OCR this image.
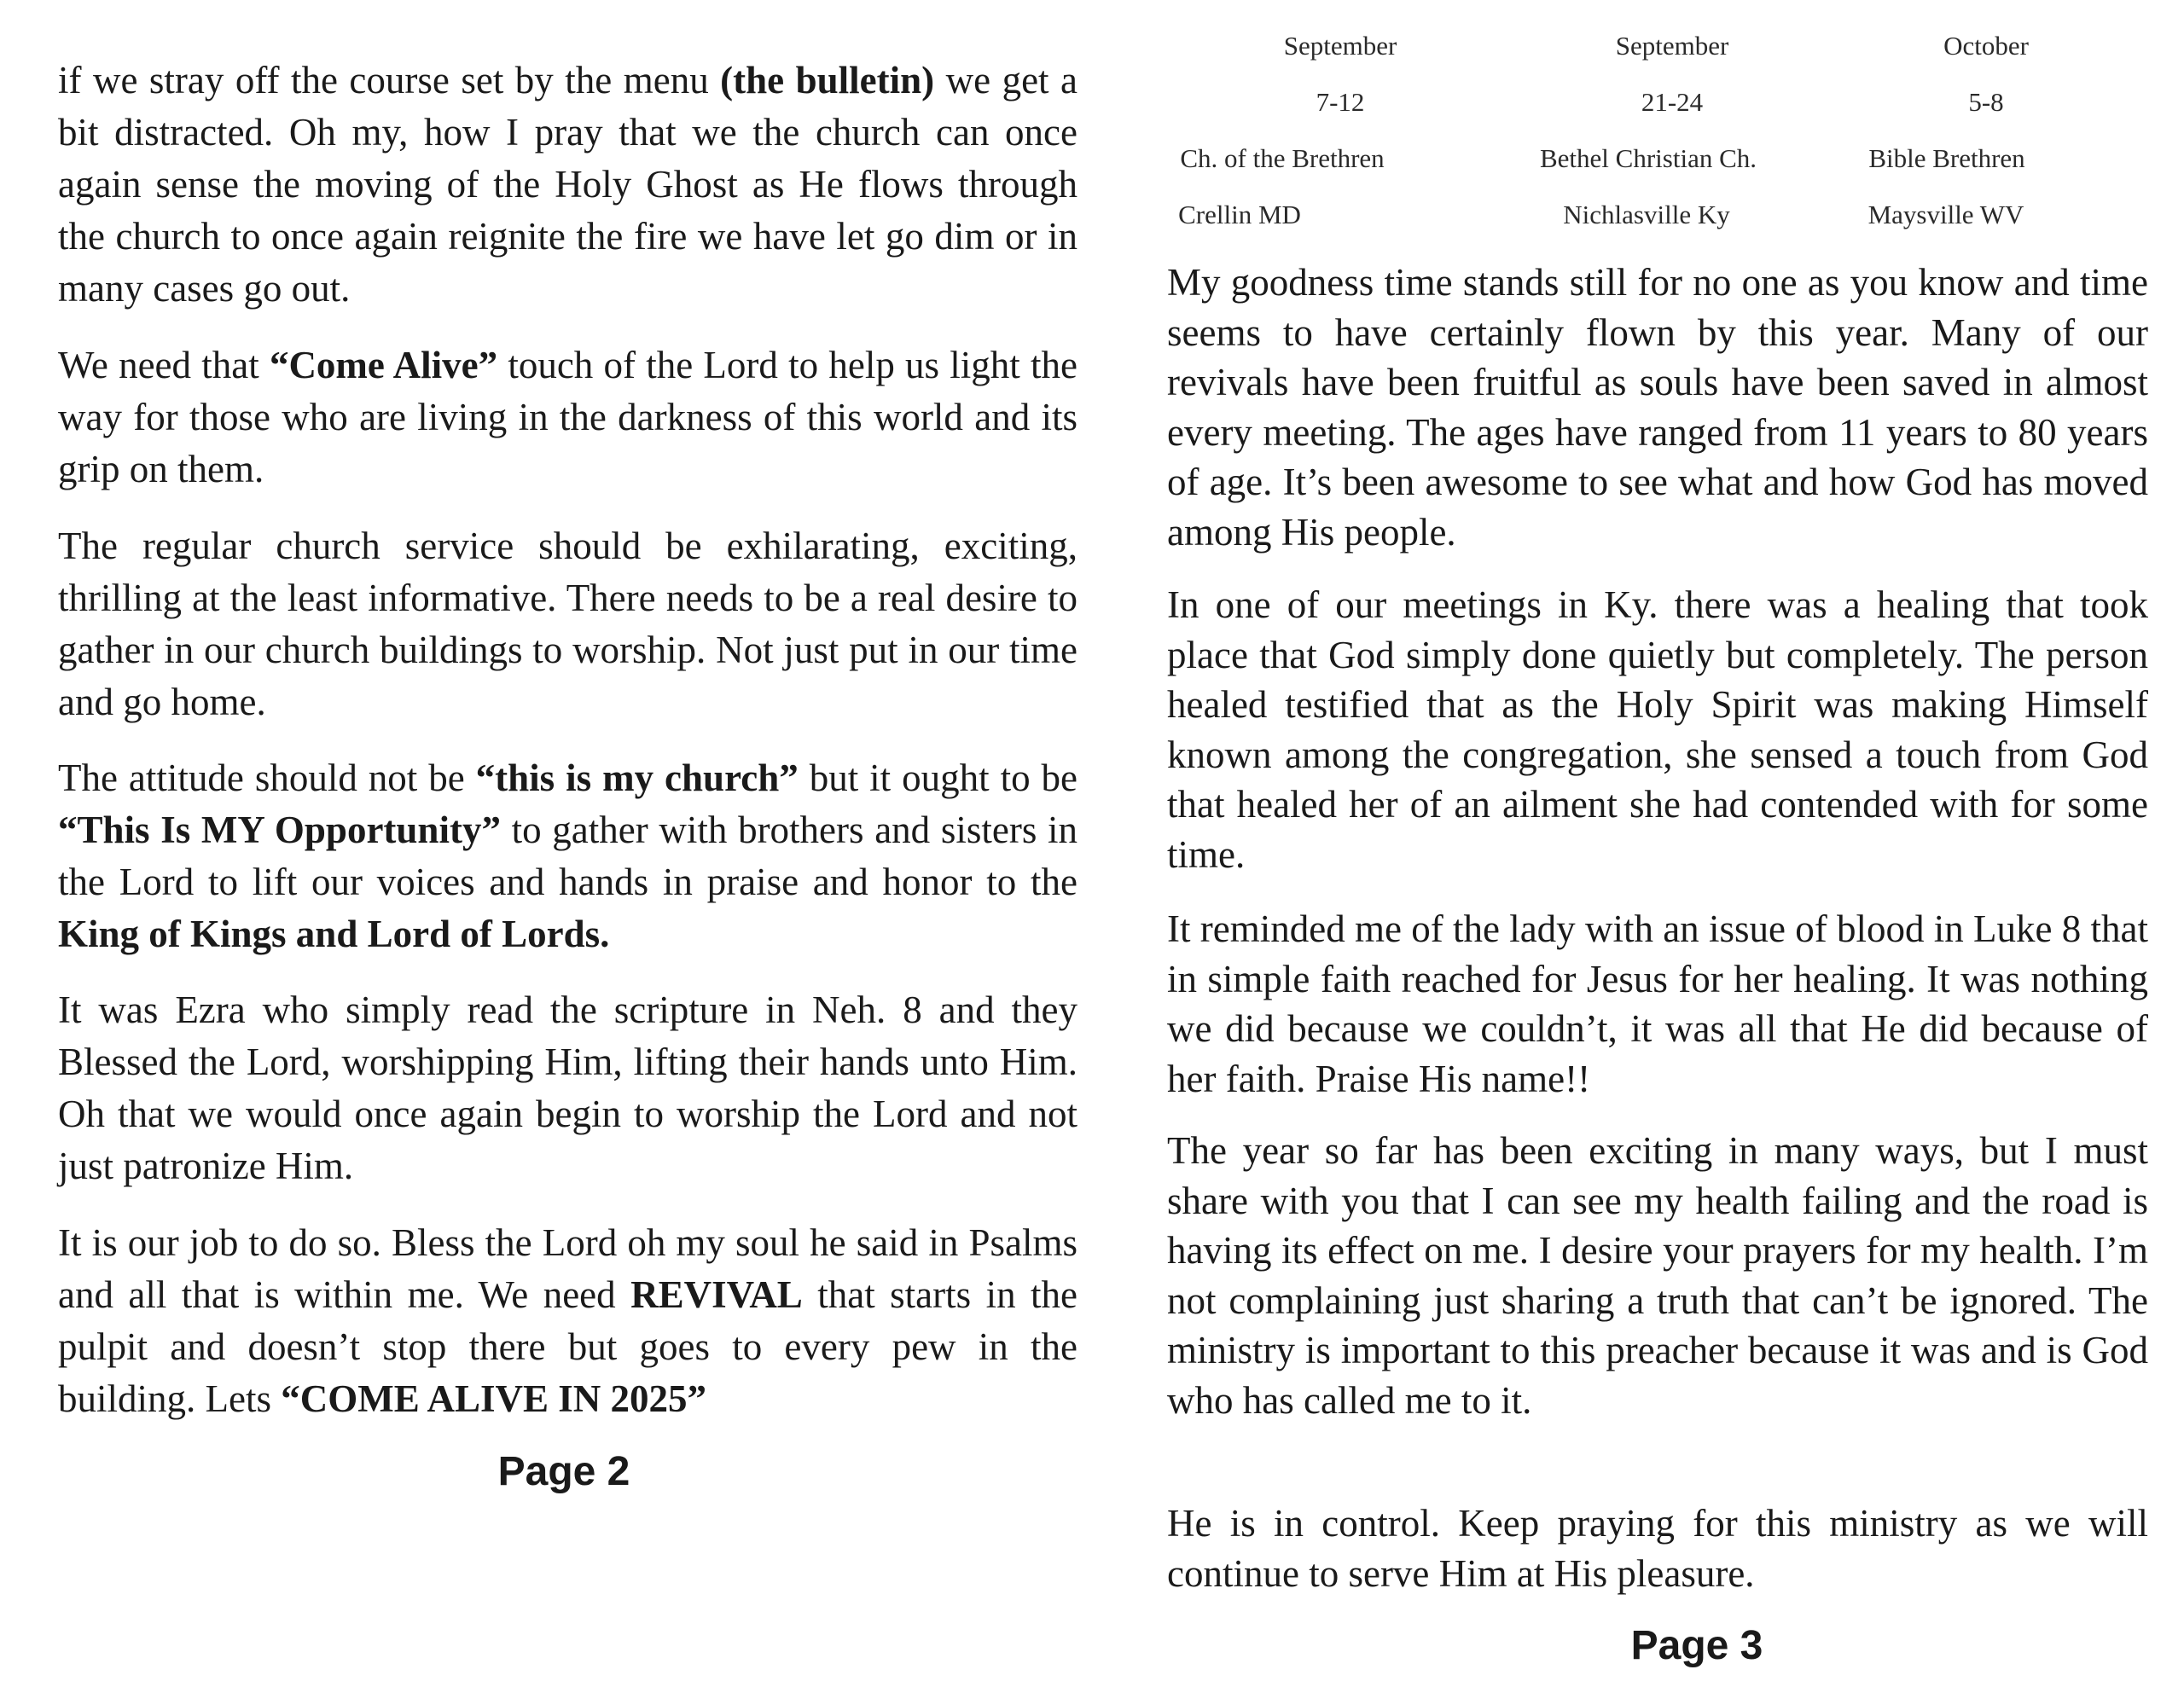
if we stray off the course set by the menu (the bulletin) we get a bit distracted. Oh my, how I pray that we the church can once again sense the moving of the Holy Ghost as He flows through the church to once again reignite the fire we have let go dim or in many cases go out.

We need that “Come Alive” touch of the Lord to help us light the way for those who are living in the darkness of this world and its grip on them.

The regular church service should be exhilarating, exciting, thrilling at the least informative. There needs to be a real desire to gather in our church buildings to worship. Not just put in our time and go home.

The attitude should not be “this is my church” but it ought to be “This Is MY Opportunity” to gather with brothers and sisters in the Lord to lift our voices and hands in praise and honor to the King of Kings and Lord of Lords.

It was Ezra who simply read the scripture in Neh. 8 and they Blessed the Lord, worshipping Him, lifting their hands unto Him. Oh that we would once again begin to worship the Lord and not just patronize Him.

It is our job to do so. Bless the Lord oh my soul he said in Psalms and all that is within me. We need REVIVAL that starts in the pulpit and doesn’t stop there but goes to every pew in the building. Lets “COME ALIVE IN 2025”

Page 2
September	September	October
7-12	21-24	5-8
Ch. of the Brethren	Bethel Christian Ch.	Bible Brethren
Crellin MD	Nichlasville Ky	Maysville WV

My goodness time stands still for no one as you know and time seems to have certainly flown by this year. Many of our revivals have been fruitful as souls have been saved in almost every meeting. The ages have ranged from 11 years to 80 years of age. It’s been awesome to see what and how God has moved among His people.

In one of our meetings in Ky. there was a healing that took place that God simply done quietly but completely. The person healed testified that as the Holy Spirit was making Himself known among the congregation, she sensed a touch from God that healed her of an ailment she had contended with for some time.

It reminded me of the lady with an issue of blood in Luke 8 that in simple faith reached for Jesus for her healing. It was nothing we did because we couldn’t, it was all that He did because of her faith. Praise His name!!

The year so far has been exciting in many ways, but I must share with you that I can see my health failing and the road is having its effect on me. I desire your prayers for my health. I’m not complaining just sharing a truth that can’t be ignored. The ministry is important to this preacher because it was and is God who has called me to it.

He is in control. Keep praying for this ministry as we will continue to serve Him at His pleasure.

Page 3
